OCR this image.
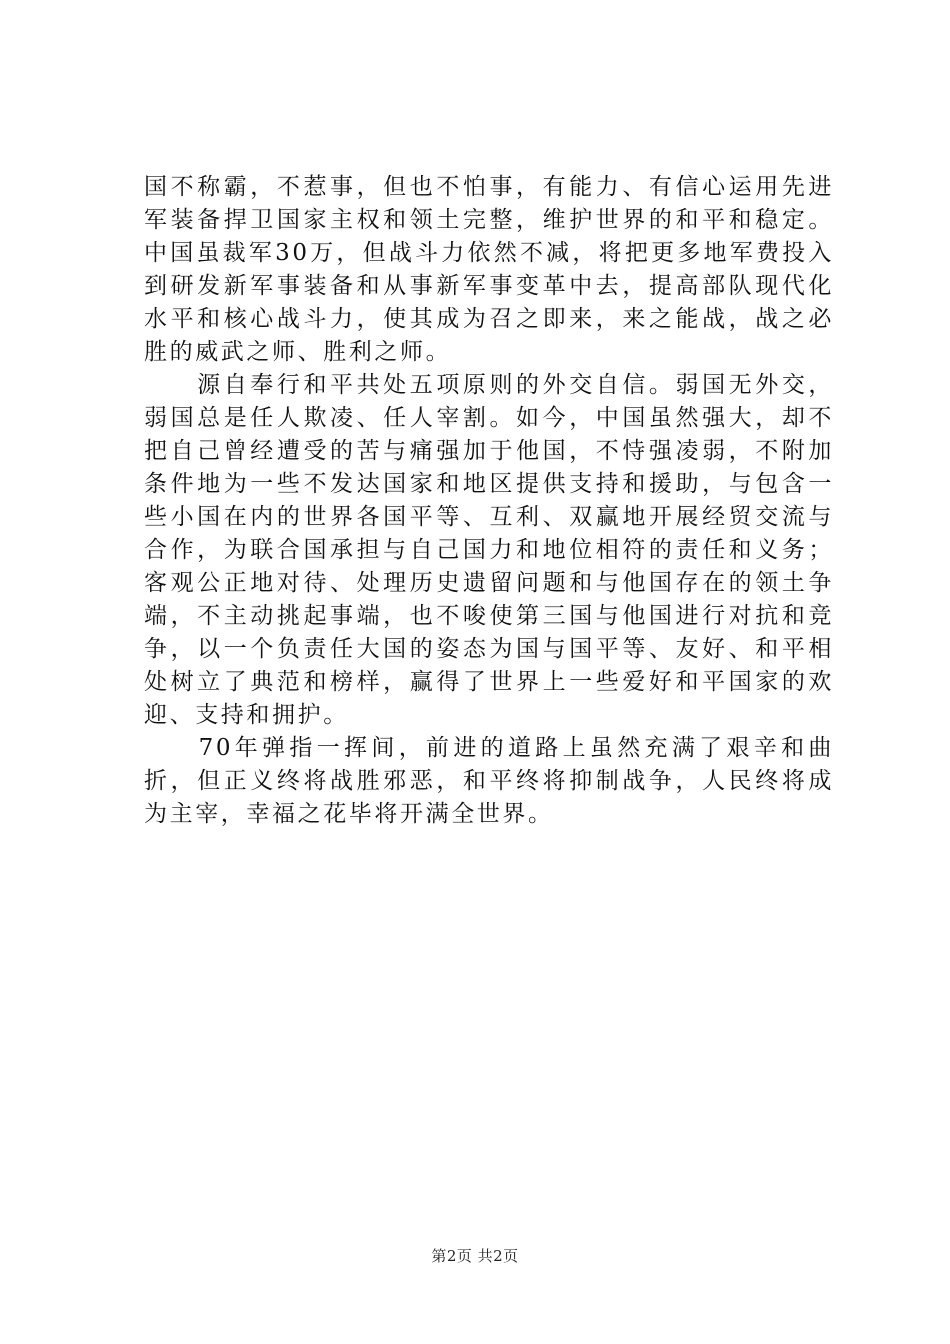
国不称霸，不惹事，但也不怕事，有能力、有信心运用先进军装备捍卫国家主权和领土完整，维护世界的和平和稳定。中国虽裁军30万，但战斗力依然不减，将把更多地军费投入到研发新军事装备和从事新军事变革中去，提高部队现代化水平和核心战斗力，使其成为召之即来，来之能战，战之必胜的威武之师、胜利之师。

　　源自奉行和平共处五项原则的外交自信。弱国无外交，弱国总是任人欺凌、任人宰割。如今，中国虽然强大，却不把自己曾经遭受的苦与痛强加于他国，不恃强凌弱，不附加条件地为一些不发达国家和地区提供支持和援助，与包含一些小国在内的世界各国平等、互利、双赢地开展经贸交流与合作，为联合国承担与自己国力和地位相符的责任和义务；客观公正地对待、处理历史遗留问题和与他国存在的领土争端，不主动挑起事端，也不唆使第三国与他国进行对抗和竞争，以一个负责任大国的姿态为国与国平等、友好、和平相处树立了典范和榜样，赢得了世界上一些爱好和平国家的欢迎、支持和拥护。

　　70年弹指一挥间，前进的道路上虽然充满了艰辛和曲折，但正义终将战胜邪恶，和平终将抑制战争，人民终将成为主宰，幸福之花毕将开满全世界。

第2页 共2页
